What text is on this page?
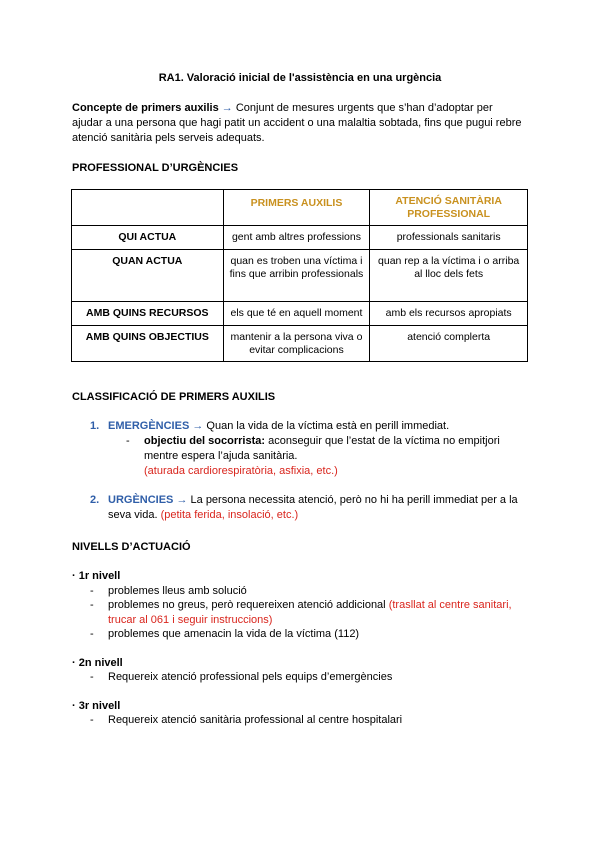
RA1. Valoració inicial de l'assistència en una urgència
Concepte de primers auxilis → Conjunt de mesures urgents que s’han d’adoptar per
ajudar a una persona que hagi patit un accident o una malaltia sobtada, fins que pugui rebre
atenció sanitària pels serveis adequats.
PROFESSIONAL D’URGÈNCIES
	PRIMERS AUXILIS	ATENCIÓ SANITÀRIA PROFESSIONAL
QUI ACTUA	gent amb altres professions	professionals sanitaris
QUAN ACTUA	quan es troben una víctima i fins que arribin professionals	quan rep a la víctima i o arriba al lloc dels fets
AMB QUINS RECURSOS	els que té en aquell moment	amb els recursos apropiats
AMB QUINS OBJECTIUS	mantenir a la persona viva o evitar complicacions	atenció complerta
CLASSIFICACIÓ DE PRIMERS AUXILIS
1. EMERGÈNCIES → Quan la vida de la víctima està en perill immediat.
- objectiu del socorrista: aconseguir que l’estat de la víctima no empitjori
mentre espera l’ajuda sanitària.
(aturada cardiorespiratòria, asfixia, etc.)
2. URGÈNCIES → La persona necessita atenció, però no hi ha perill immediat per a la
seva vida. (petita ferida, insolació, etc.)
NIVELLS D’ACTUACIÓ
· 1r nivell
- problemes lleus amb solució
- problemes no greus, però requereixen atenció addicional (trasllat al centre sanitari,
trucar al 061 i seguir instruccions)
- problemes que amenacin la vida de la víctima (112)
· 2n nivell
- Requereix atenció professional pels equips d’emergències
· 3r nivell
- Requereix atenció sanitària professional al centre hospitalari
